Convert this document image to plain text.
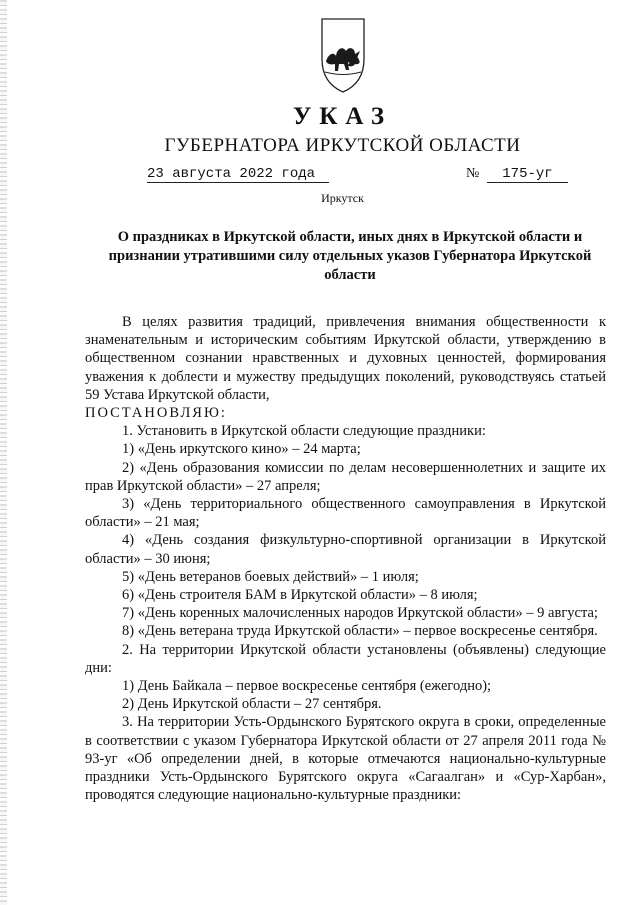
УКАЗ
ГУБЕРНАТОРА ИРКУТСКОЙ ОБЛАСТИ
23 августа 2022 года	№	175-уг
Иркутск
О праздниках в Иркутской области, иных днях в Иркутской области и признании утратившими силу отдельных указов Губернатора Иркутской области

В целях развития традиций, привлечения внимания общественности к знаменательным и историческим событиям Иркутской области, утверждению в общественном сознании нравственных и духовных ценностей, формирования уважения к доблести и мужеству предыдущих поколений, руководствуясь статьей 59 Устава Иркутской области,

ПОСТАНОВЛЯЮ:

1. Установить в Иркутской области следующие праздники:

1) «День иркутского кино» – 24 марта;

2) «День образования комиссии по делам несовершеннолетних и защите их прав Иркутской области» – 27 апреля;

3) «День территориального общественного самоуправления в Иркутской области» – 21 мая;

4) «День создания физкультурно-спортивной организации в Иркутской области» – 30 июня;

5) «День ветеранов боевых действий» – 1 июля;

6) «День строителя БАМ в Иркутской области» – 8 июля;

7) «День коренных малочисленных народов Иркутской области» – 9 августа;

8) «День ветерана труда Иркутской области» – первое воскресенье сентября.

2. На территории Иркутской области установлены (объявлены) следующие дни:

1) День Байкала – первое воскресенье сентября (ежегодно);

2) День Иркутской области – 27 сентября.

3. На территории Усть-Ордынского Бурятского округа в сроки, определенные в соответствии с указом Губернатора Иркутской области от 27 апреля 2011 года № 93-уг «Об определении дней, в которые отмечаются национально-культурные праздники Усть-Ордынского Бурятского округа «Сагаалган» и «Сур-Харбан», проводятся следующие национально-культурные праздники:
